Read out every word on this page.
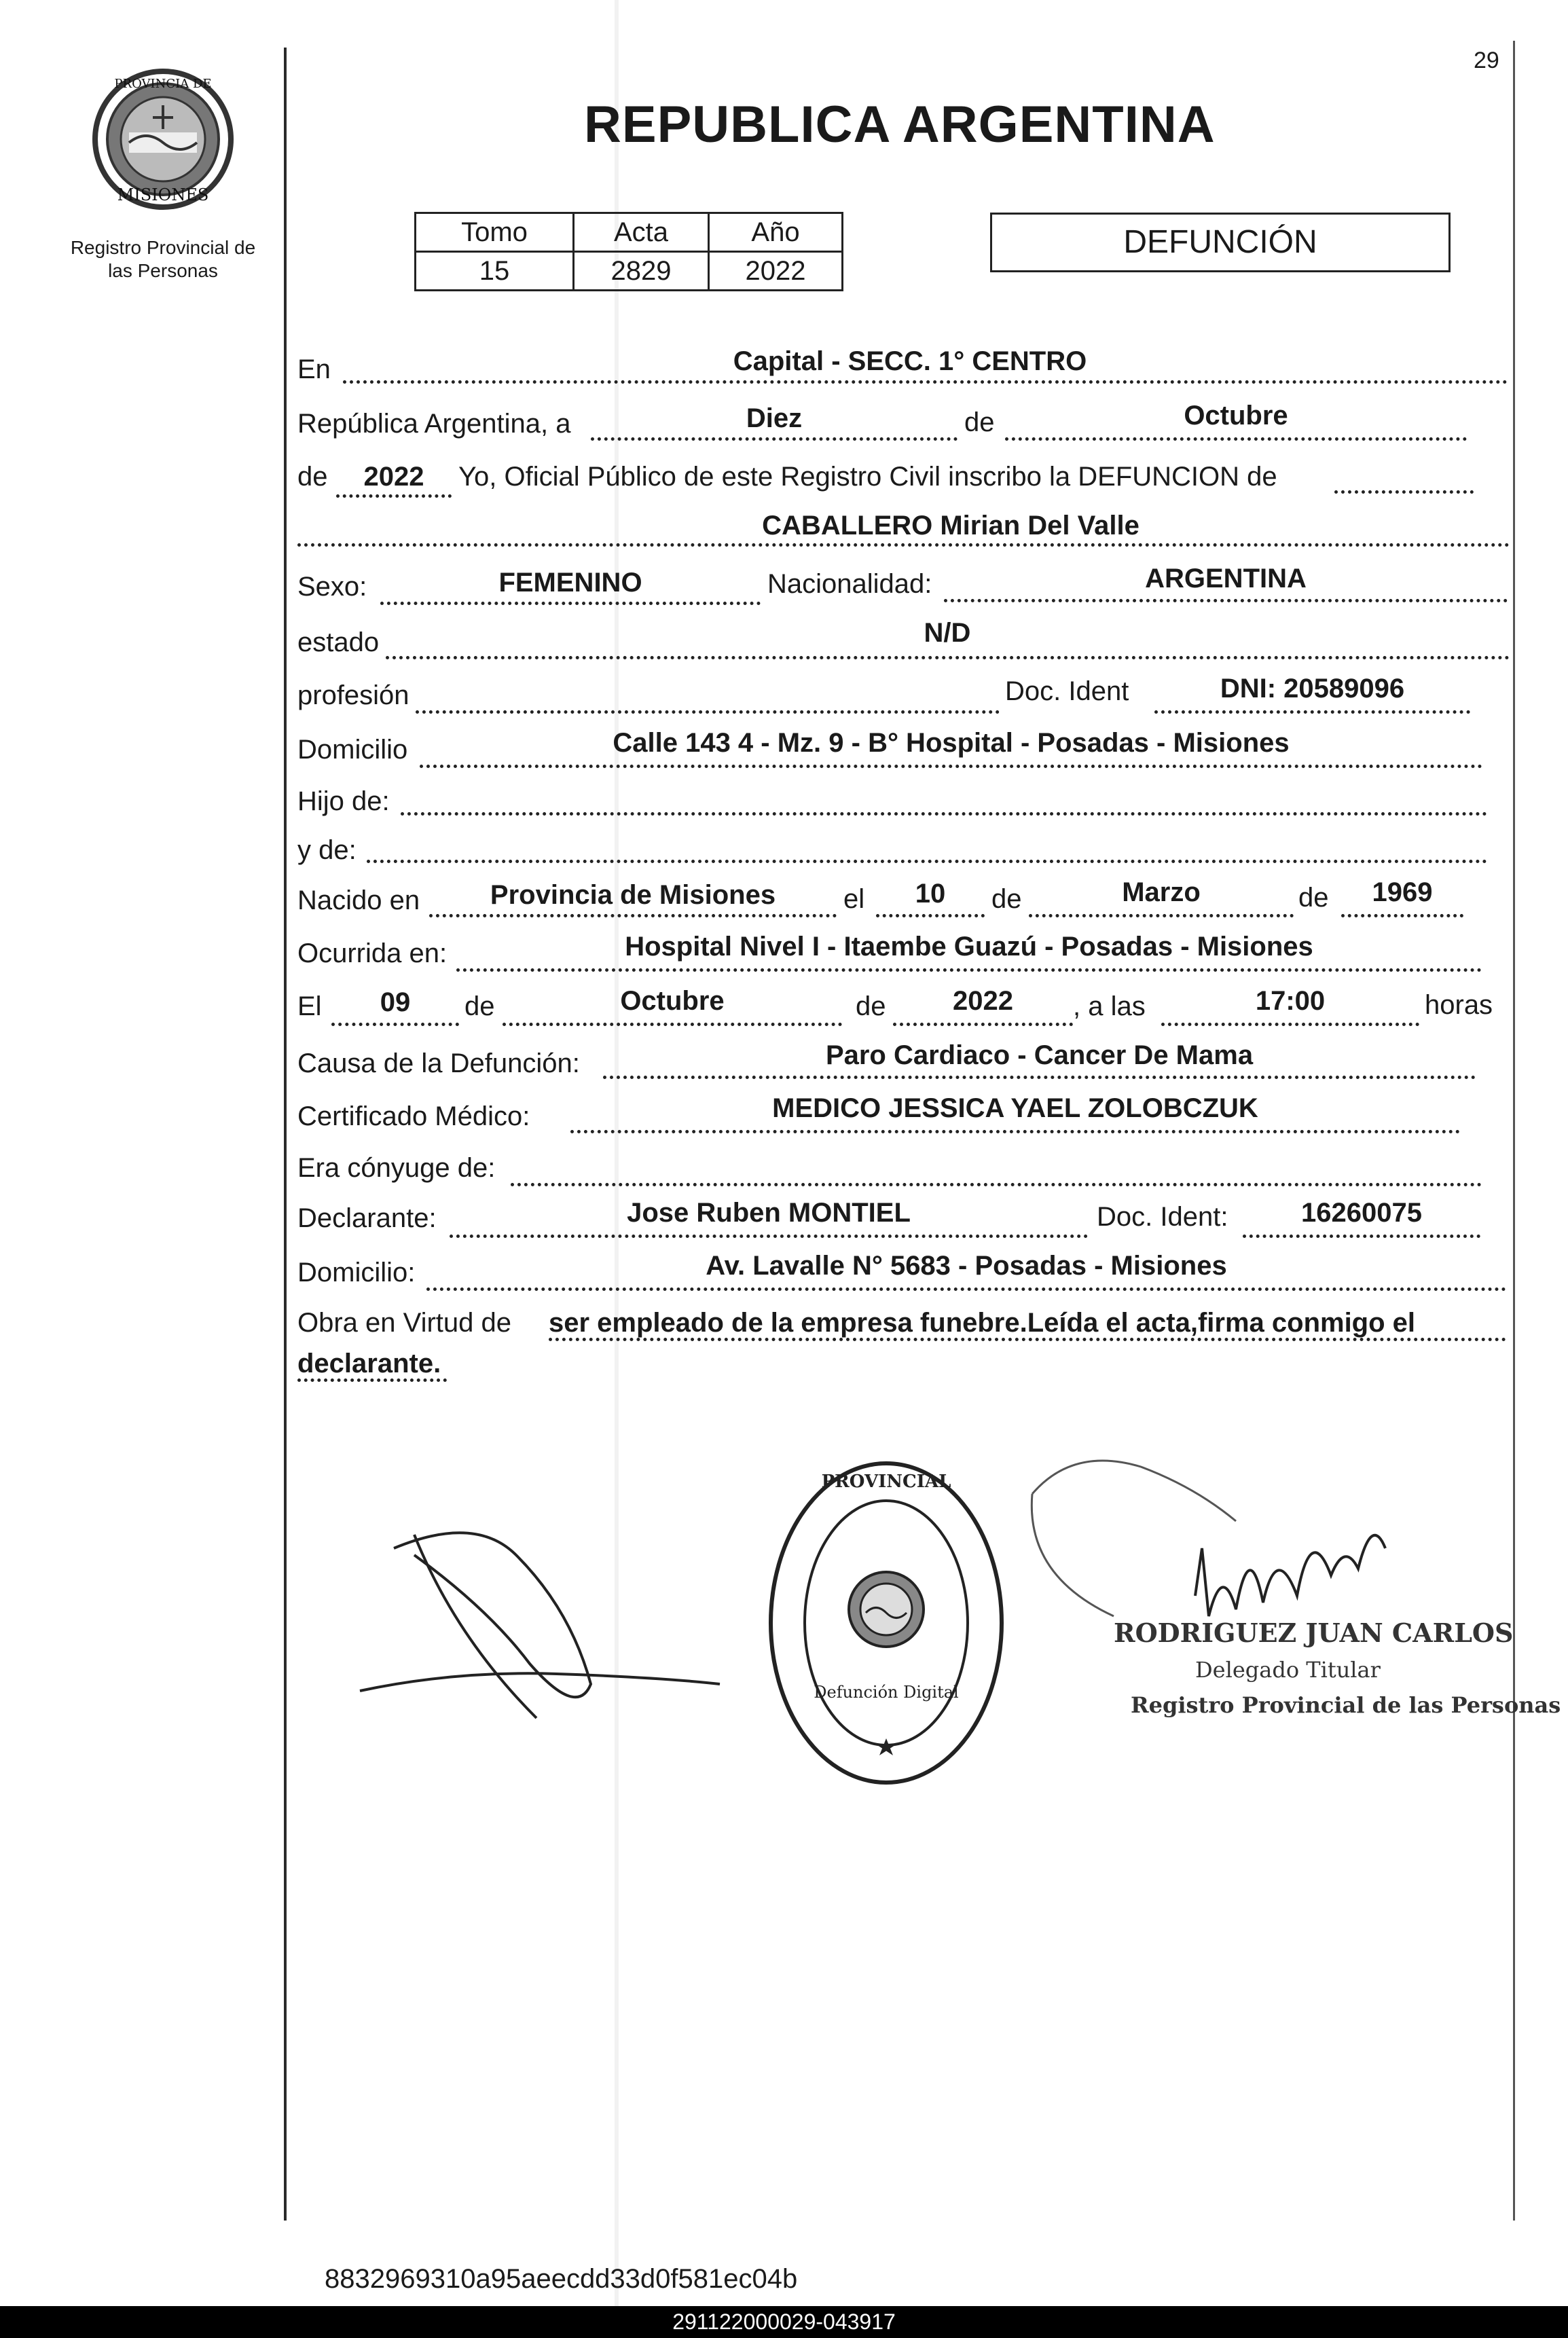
PROVINCIA DE
MISIONES
Registro Provincial de
las Personas
29
REPUBLICA ARGENTINA
Tomo	Acta	Año
15	2829	2022
DEFUNCIÓN
En	Capital - SECC. 1° CENTRO
República Argentina, a	Diez	de	Octubre
de	2022	Yo, Oficial Público de este Registro Civil inscribo la DEFUNCION de
CABALLERO Mirian Del Valle
Sexo:	FEMENINO	Nacionalidad:	ARGENTINA
estado	N/D
profesión	Doc. Ident	DNI: 20589096
Domicilio	Calle 143 4 - Mz. 9 - B° Hospital - Posadas - Misiones
Hijo de:
y de:
Nacido en	Provincia de Misiones	el	10	de	Marzo	de	1969
Ocurrida en:	Hospital Nivel I - Itaembe Guazú - Posadas - Misiones
El	09	de	Octubre	de	2022	, a las	17:00	horas
Causa de la Defunción:	Paro Cardiaco - Cancer De Mama
Certificado Médico:	MEDICO JESSICA YAEL ZOLOBCZUK
Era cónyuge de:
Declarante:	Jose Ruben MONTIEL	Doc. Ident:	16260075
Domicilio:	Av. Lavalle N° 5683 - Posadas - Misiones
Obra en Virtud de ser empleado de la empresa funebre.Leída el acta,firma conmigo el
declarante.
PROVINCIAL
Defunción Digital
RODRIGUEZ JUAN CARLOS
Delegado Titular
Registro Provincial de las Personas
8832969310a95aeecdd33d0f581ec04b
291122000029-043917
